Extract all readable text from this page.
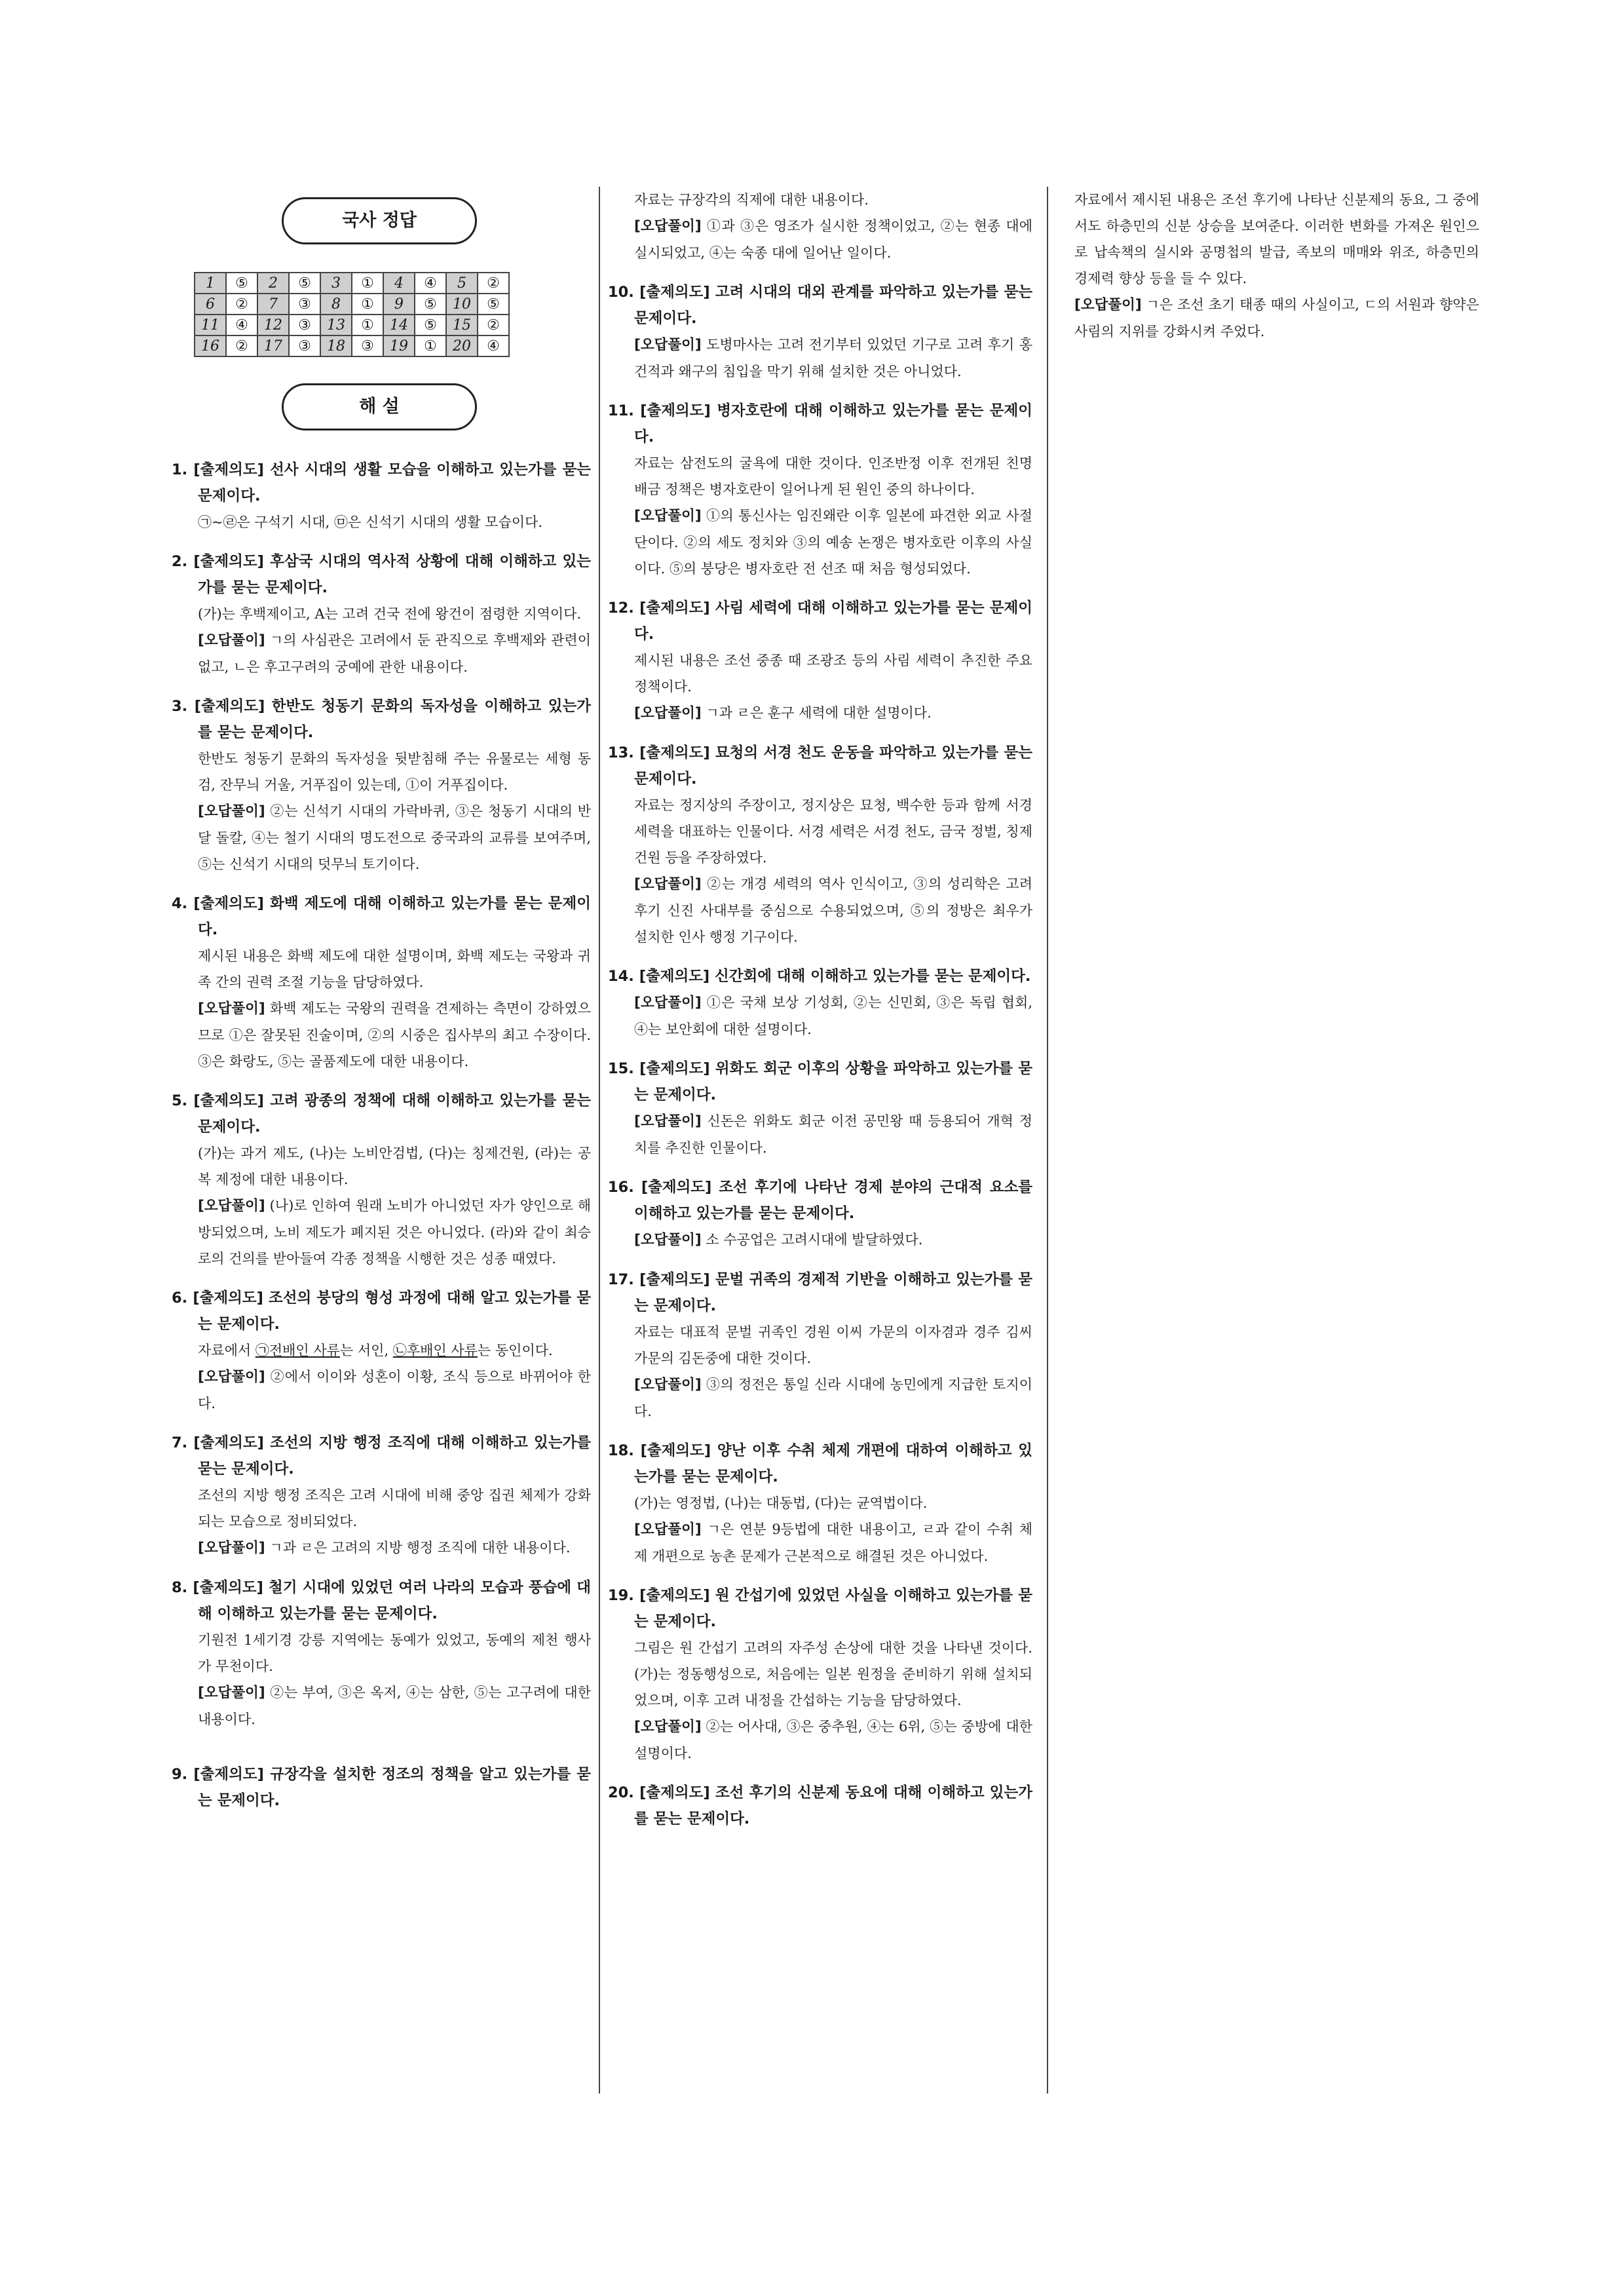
국사 정답
1	⑤	2	⑤	3	①	4	④	5	②
6	②	7	③	8	①	9	⑤	10	⑤
11	④	12	③	13	①	14	⑤	15	②
16	②	17	③	18	③	19	①	20	④
해 설
1. [출제의도] 선사 시대의 생활 모습을 이해하고 있는가를 묻는 문제이다.
㉠~㉣은 구석기 시대, ㉤은 신석기 시대의 생활 모습이다.
2. [출제의도] 후삼국 시대의 역사적 상황에 대해 이해하고 있는가를 묻는 문제이다.
(가)는 후백제이고, A는 고려 건국 전에 왕건이 점령한 지역이다.
[오답풀이] ㄱ의 사심관은 고려에서 둔 관직으로 후백제와 관련이 없고, ㄴ은 후고구려의 궁예에 관한 내용이다.
3. [출제의도] 한반도 청동기 문화의 독자성을 이해하고 있는가를 묻는 문제이다.
한반도 청동기 문화의 독자성을 뒷받침해 주는 유물로는 세형 동검, 잔무늬 거울, 거푸집이 있는데, ①이 거푸집이다.
[오답풀이] ②는 신석기 시대의 가락바퀴, ③은 청동기 시대의 반달 돌칼, ④는 철기 시대의 명도전으로 중국과의 교류를 보여주며, ⑤는 신석기 시대의 덧무늬 토기이다.
4. [출제의도] 화백 제도에 대해 이해하고 있는가를 묻는 문제이다.
제시된 내용은 화백 제도에 대한 설명이며, 화백 제도는 국왕과 귀족 간의 권력 조절 기능을 담당하였다.
[오답풀이] 화백 제도는 국왕의 권력을 견제하는 측면이 강하였으므로 ①은 잘못된 진술이며, ②의 시중은 집사부의 최고 수장이다. ③은 화랑도, ⑤는 골품제도에 대한 내용이다.
5. [출제의도] 고려 광종의 정책에 대해 이해하고 있는가를 묻는 문제이다.
(가)는 과거 제도, (나)는 노비안검법, (다)는 칭제건원, (라)는 공복 제정에 대한 내용이다.
[오답풀이] (나)로 인하여 원래 노비가 아니었던 자가 양인으로 해방되었으며, 노비 제도가 폐지된 것은 아니었다. (라)와 같이 최승로의 건의를 받아들여 각종 정책을 시행한 것은 성종 때였다.
6. [출제의도] 조선의 붕당의 형성 과정에 대해 알고 있는가를 묻는 문제이다.
자료에서 ㉠전배인 사류는 서인, ㉡후배인 사류는 동인이다.
[오답풀이] ②에서 이이와 성혼이 이황, 조식 등으로 바뀌어야 한다.
7. [출제의도] 조선의 지방 행정 조직에 대해 이해하고 있는가를 묻는 문제이다.
조선의 지방 행정 조직은 고려 시대에 비해 중앙 집권 체제가 강화되는 모습으로 정비되었다.
[오답풀이] ㄱ과 ㄹ은 고려의 지방 행정 조직에 대한 내용이다.
8. [출제의도] 철기 시대에 있었던 여러 나라의 모습과 풍습에 대해 이해하고 있는가를 묻는 문제이다.
기원전 1세기경 강릉 지역에는 동예가 있었고, 동예의 제천 행사가 무천이다.
[오답풀이] ②는 부여, ③은 옥저, ④는 삼한, ⑤는 고구려에 대한 내용이다.
9. [출제의도] 규장각을 설치한 정조의 정책을 알고 있는가를 묻는 문제이다.
자료는 규장각의 직제에 대한 내용이다.
[오답풀이] ①과 ③은 영조가 실시한 정책이었고, ②는 현종 대에 실시되었고, ④는 숙종 대에 일어난 일이다.
10. [출제의도] 고려 시대의 대외 관계를 파악하고 있는가를 묻는 문제이다.
[오답풀이] 도병마사는 고려 전기부터 있었던 기구로 고려 후기 홍건적과 왜구의 침입을 막기 위해 설치한 것은 아니었다.
11. [출제의도] 병자호란에 대해 이해하고 있는가를 묻는 문제이다.
자료는 삼전도의 굴욕에 대한 것이다. 인조반정 이후 전개된 친명 배금 정책은 병자호란이 일어나게 된 원인 중의 하나이다.
[오답풀이] ①의 통신사는 임진왜란 이후 일본에 파견한 외교 사절단이다. ②의 세도 정치와 ③의 예송 논쟁은 병자호란 이후의 사실이다. ⑤의 붕당은 병자호란 전 선조 때 처음 형성되었다.
12. [출제의도] 사림 세력에 대해 이해하고 있는가를 묻는 문제이다.
제시된 내용은 조선 중종 때 조광조 등의 사림 세력이 추진한 주요 정책이다.
[오답풀이] ㄱ과 ㄹ은 훈구 세력에 대한 설명이다.
13. [출제의도] 묘청의 서경 천도 운동을 파악하고 있는가를 묻는 문제이다.
자료는 정지상의 주장이고, 정지상은 묘청, 백수한 등과 함께 서경 세력을 대표하는 인물이다. 서경 세력은 서경 천도, 금국 정벌, 칭제 건원 등을 주장하였다.
[오답풀이] ②는 개경 세력의 역사 인식이고, ③의 성리학은 고려 후기 신진 사대부를 중심으로 수용되었으며, ⑤의 정방은 최우가 설치한 인사 행정 기구이다.
14. [출제의도] 신간회에 대해 이해하고 있는가를 묻는 문제이다.
[오답풀이] ①은 국채 보상 기성회, ②는 신민회, ③은 독립 협회, ④는 보안회에 대한 설명이다.
15. [출제의도] 위화도 회군 이후의 상황을 파악하고 있는가를 묻는 문제이다.
[오답풀이] 신돈은 위화도 회군 이전 공민왕 때 등용되어 개혁 정치를 추진한 인물이다.
16. [출제의도] 조선 후기에 나타난 경제 분야의 근대적 요소를 이해하고 있는가를 묻는 문제이다.
[오답풀이] 소 수공업은 고려시대에 발달하였다.
17. [출제의도] 문벌 귀족의 경제적 기반을 이해하고 있는가를 묻는 문제이다.
자료는 대표적 문벌 귀족인 경원 이씨 가문의 이자겸과 경주 김씨 가문의 김돈중에 대한 것이다.
[오답풀이] ③의 정전은 통일 신라 시대에 농민에게 지급한 토지이다.
18. [출제의도] 양난 이후 수취 체제 개편에 대하여 이해하고 있는가를 묻는 문제이다.
(가)는 영정법, (나)는 대동법, (다)는 균역법이다.
[오답풀이] ㄱ은 연분 9등법에 대한 내용이고, ㄹ과 같이 수취 체제 개편으로 농촌 문제가 근본적으로 해결된 것은 아니었다.
19. [출제의도] 원 간섭기에 있었던 사실을 이해하고 있는가를 묻는 문제이다.
그림은 원 간섭기 고려의 자주성 손상에 대한 것을 나타낸 것이다. (가)는 정동행성으로, 처음에는 일본 원정을 준비하기 위해 설치되었으며, 이후 고려 내정을 간섭하는 기능을 담당하였다.
[오답풀이] ②는 어사대, ③은 중추원, ④는 6위, ⑤는 중방에 대한 설명이다.
20. [출제의도] 조선 후기의 신분제 동요에 대해 이해하고 있는가를 묻는 문제이다.
자료에서 제시된 내용은 조선 후기에 나타난 신분제의 동요, 그 중에서도 하층민의 신분 상승을 보여준다. 이러한 변화를 가져온 원인으로 납속책의 실시와 공명첩의 발급, 족보의 매매와 위조, 하층민의 경제력 향상 등을 들 수 있다.
[오답풀이] ㄱ은 조선 초기 태종 때의 사실이고, ㄷ의 서원과 향약은 사림의 지위를 강화시켜 주었다.
